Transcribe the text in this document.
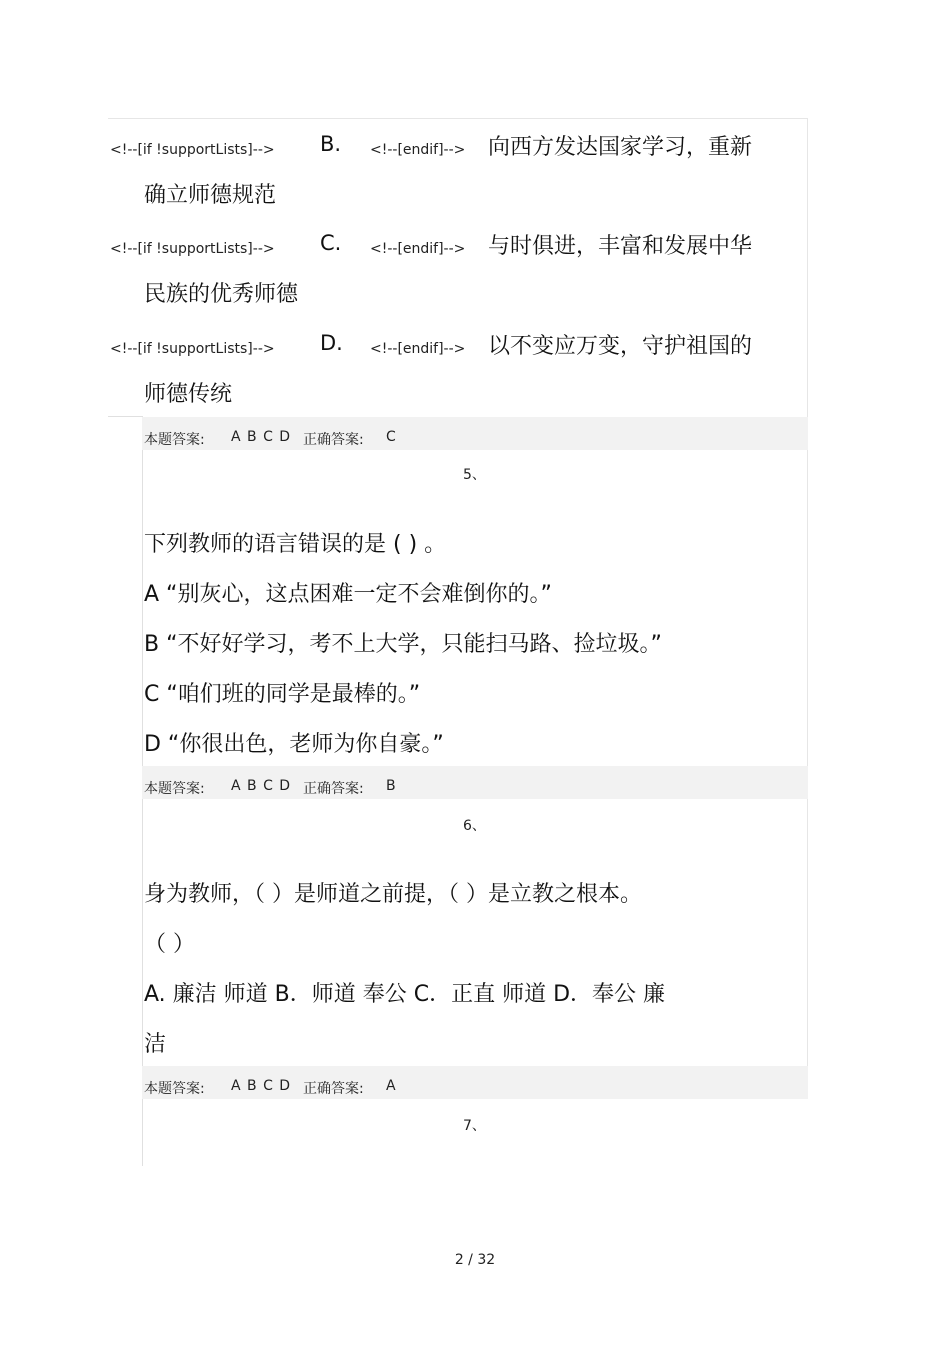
<!--[if !supportLists]--> B. <!--[endif]--> 向西方发达国家学习，重新
确立师德规范
<!--[if !supportLists]--> C. <!--[endif]--> 与时俱进，丰富和发展中华
民族的优秀师德
<!--[if !supportLists]--> D. <!--[endif]--> 以不变应万变，守护祖国的
师德传统
本题答案: A B C D 正确答案: C
5、
下列教师的语言错误的是 ( ) 。
A “别灰心，这点困难一定不会难倒你的。”
B “不好好学习，考不上大学，只能扫马路、捡垃圾。”
C “咱们班的同学是最棒的。”
D “你很出色，老师为你自豪。”
本题答案: A B C D 正确答案: B
6、
身为教师，（ ）是师道之前提，（ ）是立教之根本。
（ ）
A. 廉洁 师道 B．师道 奉公 C．正直 师道 D．奉公 廉
洁
本题答案: A B C D 正确答案: A
7、
2 / 32
